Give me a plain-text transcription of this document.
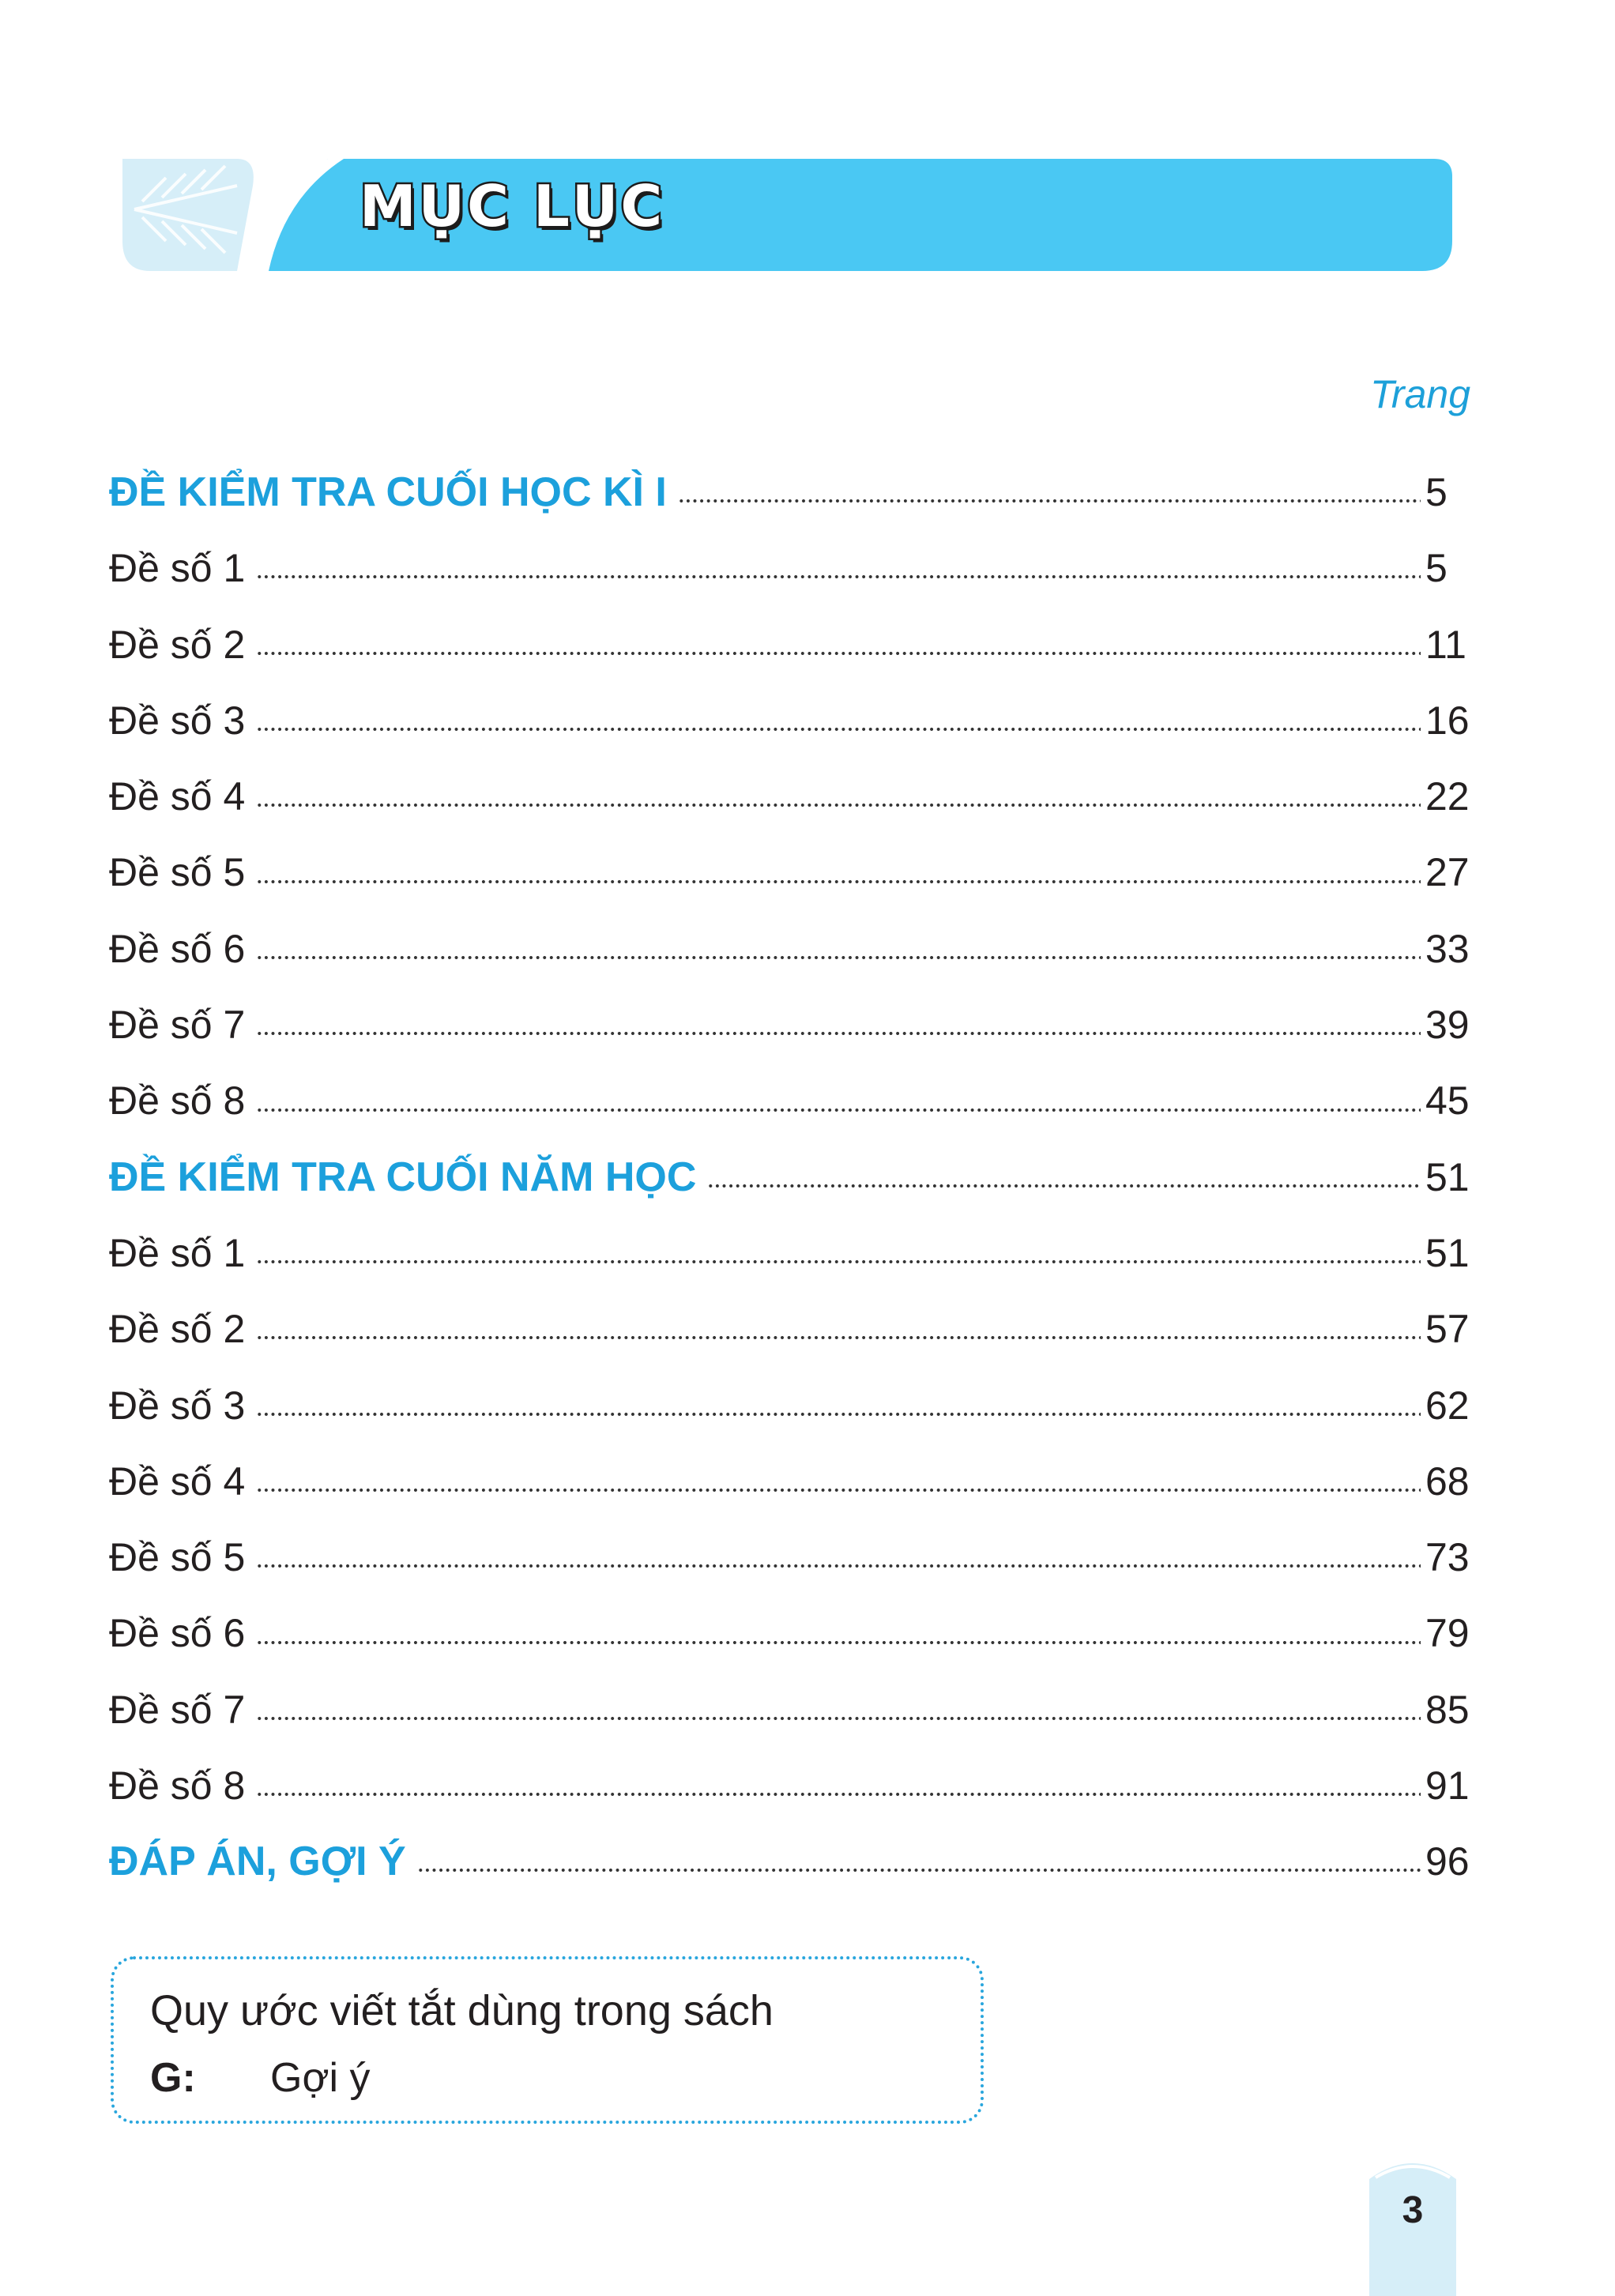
MỤC LỤC
Trang
ĐỀ KIỂM TRA CUỐI HỌC KÌ I	5
Đề số 1	5
Đề số 2	11
Đề số 3	16
Đề số 4	22
Đề số 5	27
Đề số 6	33
Đề số 7	39
Đề số 8	45
ĐỀ KIỂM TRA CUỐI NĂM HỌC	51
Đề số 1	51
Đề số 2	57
Đề số 3	62
Đề số 4	68
Đề số 5	73
Đề số 6	79
Đề số 7	85
Đề số 8	91
ĐÁP ÁN, GỢI Ý	96
Quy ước viết tắt dùng trong sách
G: Gợi ý
3
